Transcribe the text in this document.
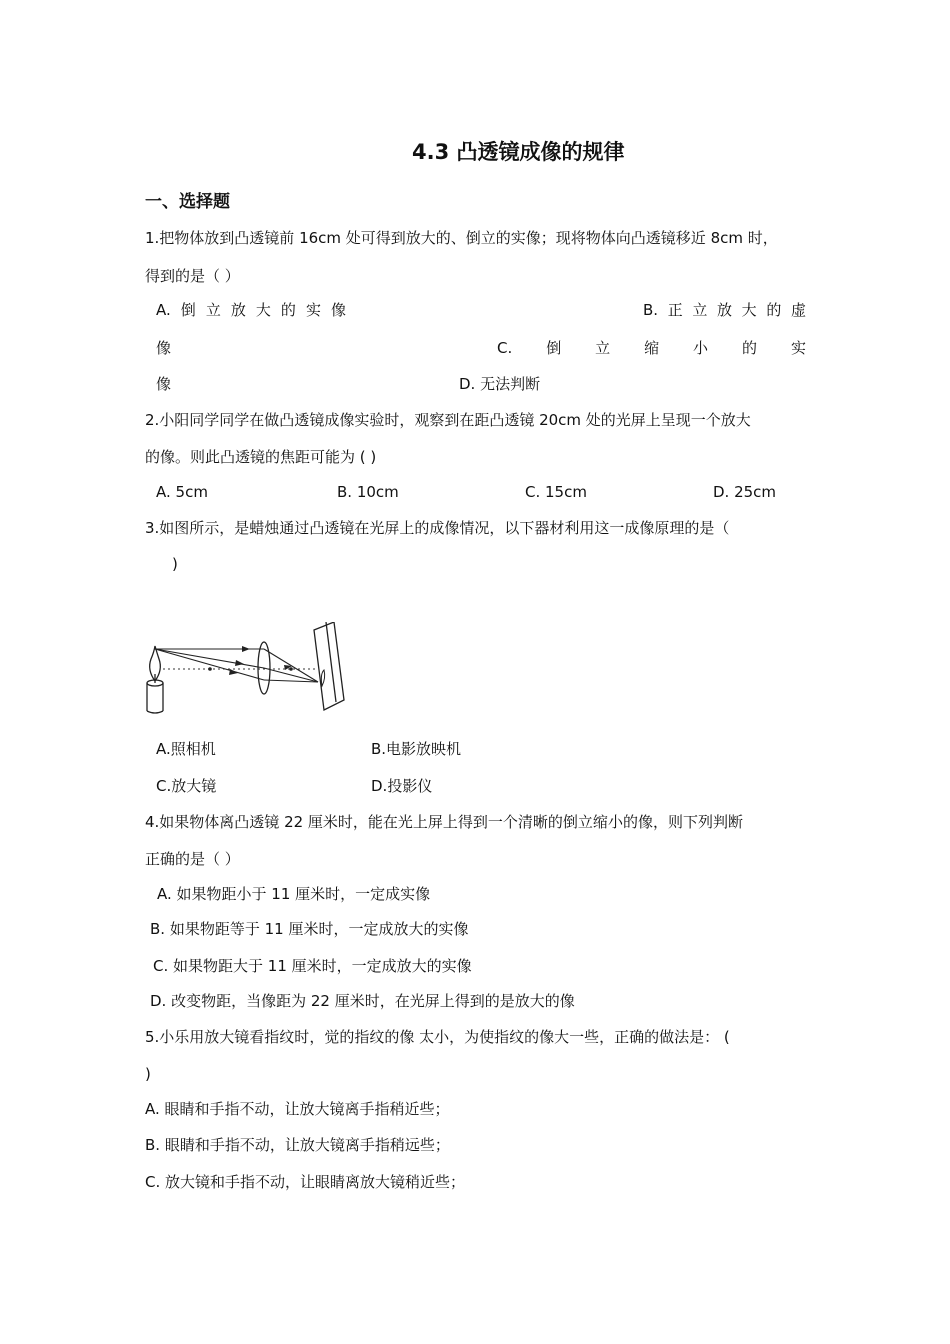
4.3 凸透镜成像的规律
一、选择题
1.把物体放到凸透镜前 16cm 处可得到放大的、倒立的实像；现将物体向凸透镜移近 8cm 时，
得到的是（ ）
A. 倒 立 放 大 的 实 像	B. 正 立 放 大 的 虚
像	C. 倒 立 缩 小 的 实
像	D. 无法判断
2.小阳同学同学在做凸透镜成像实验时，观察到在距凸透镜 20cm 处的光屏上呈现一个放大
的像。则此凸透镜的焦距可能为 ( )
A. 5cm	B. 10cm	C. 15cm	D. 25cm
3.如图所示，是蜡烛通过凸透镜在光屏上的成像情况，以下器材利用这一成像原理的是（
)
A.照相机	B.电影放映机
C.放大镜	D.投影仪
4.如果物体离凸透镜 22 厘米时，能在光上屏上得到一个清晰的倒立缩小的像，则下列判断
正确的是（ ）
A. 如果物距小于 11 厘米时，一定成实像
B. 如果物距等于 11 厘米时，一定成放大的实像
C. 如果物距大于 11 厘米时，一定成放大的实像
D. 改变物距，当像距为 22 厘米时，在光屏上得到的是放大的像
5.小乐用放大镜看指纹时，觉的指纹的像 太小，为使指纹的像大一些，正确的做法是： (
)
A. 眼睛和手指不动，让放大镜离手指稍近些；
B. 眼睛和手指不动，让放大镜离手指稍远些；
C. 放大镜和手指不动，让眼睛离放大镜稍近些；
